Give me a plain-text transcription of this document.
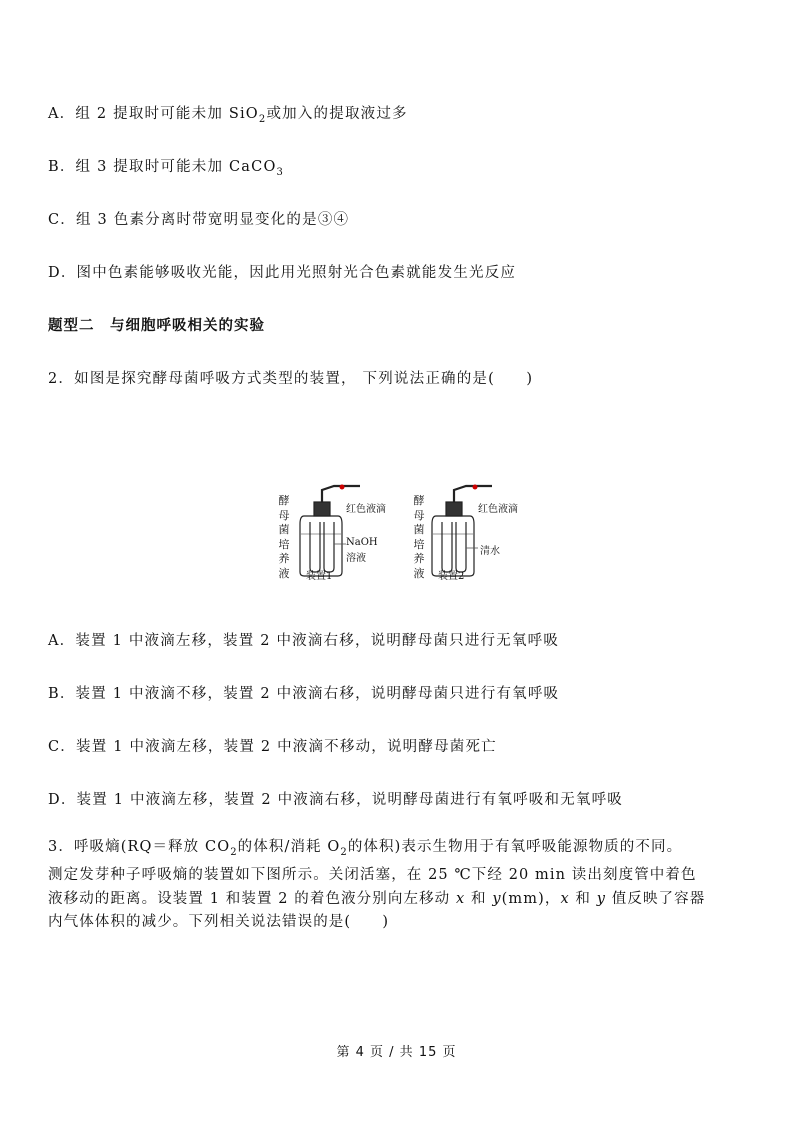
A．组 2 提取时可能未加 SiO$_2$或加入的提取液过多
B．组 3 提取时可能未加 CaCO$_3$
C．组 3 色素分离时带宽明显变化的是③④
D．图中色素能够吸收光能，因此用光照射光合色素就能发生光反应
题型二　与细胞呼吸相关的实验
2．如图是探究酵母菌呼吸方式类型的装置， 下列说法正确的是(　　)
酵母菌培养液
酵母菌培养液
红色液滴
NaOH
溶液
装置1
红色液滴
清水
装置2
A．装置 1 中液滴左移，装置 2 中液滴右移，说明酵母菌只进行无氧呼吸
B．装置 1 中液滴不移，装置 2 中液滴右移，说明酵母菌只进行有氧呼吸
C．装置 1 中液滴左移，装置 2 中液滴不移动，说明酵母菌死亡
D．装置 1 中液滴左移，装置 2 中液滴右移，说明酵母菌进行有氧呼吸和无氧呼吸
3．呼吸熵(RQ＝释放 $CO_2$的体积/消耗 $O_2$的体积)表示生物用于有氧呼吸能源物质的不同。
测定发芽种子呼吸熵的装置如下图所示。关闭活塞，在 25 ℃下经 20 min 读出刻度管中着色
液移动的距离。设装置 1 和装置 2 的着色液分别向左移动 x 和 y(mm)，x 和 y 值反映了容器
内气体体积的减少。下列相关说法错误的是(　　)
第 4 页 / 共 15 页
